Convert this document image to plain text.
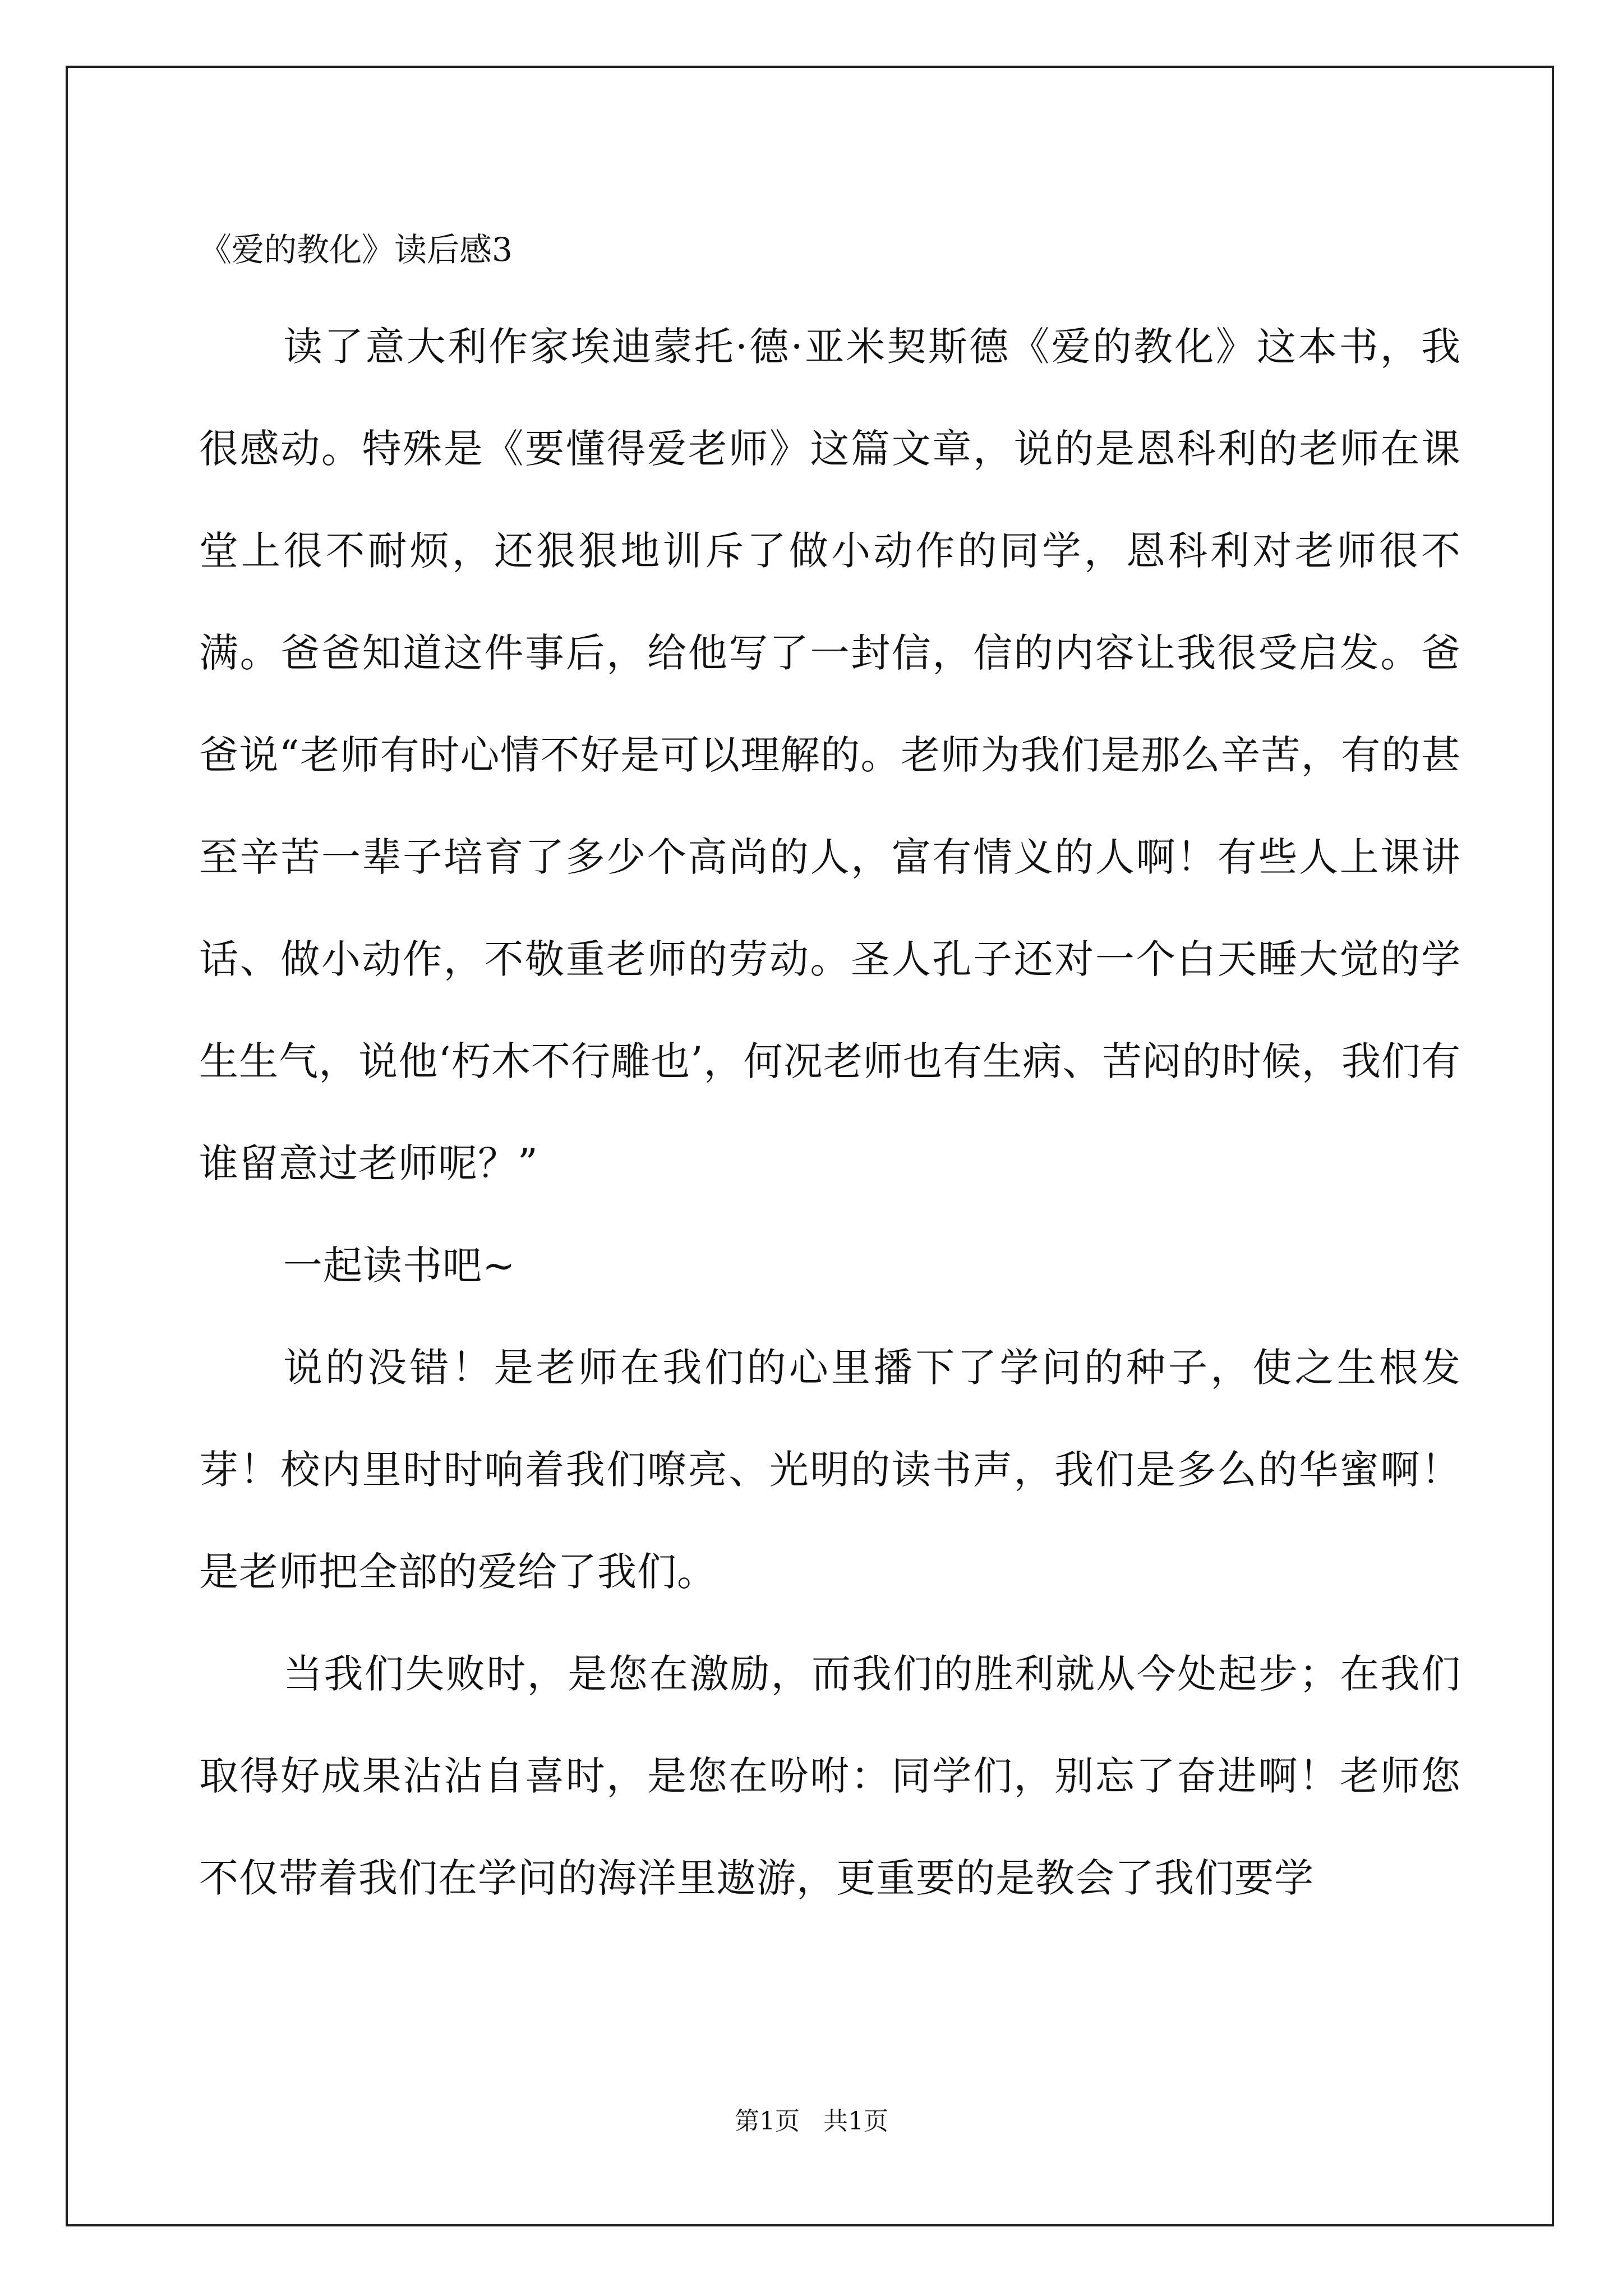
《爱的教化》读后感3

读了意大利作家埃迪蒙托·德·亚米契斯德《爱的教化》这本书，我很感动。特殊是《要懂得爱老师》这篇文章，说的是恩科利的老师在课堂上很不耐烦，还狠狠地训斥了做小动作的同学，恩科利对老师很不满。爸爸知道这件事后，给他写了一封信，信的内容让我很受启发。爸爸说“老师有时心情不好是可以理解的。老师为我们是那么辛苦，有的甚至辛苦一辈子培育了多少个高尚的人，富有情义的人啊！有些人上课讲话、做小动作，不敬重老师的劳动。圣人孔子还对一个白天睡大觉的学生生气，说他‘朽木不行雕也’，何况老师也有生病、苦闷的时候，我们有谁留意过老师呢？”

一起读书吧~

说的没错！是老师在我们的心里播下了学问的种子，使之生根发芽！校内里时时响着我们嘹亮、光明的读书声，我们是多么的华蜜啊！是老师把全部的爱给了我们。

当我们失败时，是您在激励，而我们的胜利就从今处起步；在我们取得好成果沾沾自喜时，是您在吩咐：同学们，别忘了奋进啊！老师您不仅带着我们在学问的海洋里遨游，更重要的是教会了我们要学

第1页   共1页
